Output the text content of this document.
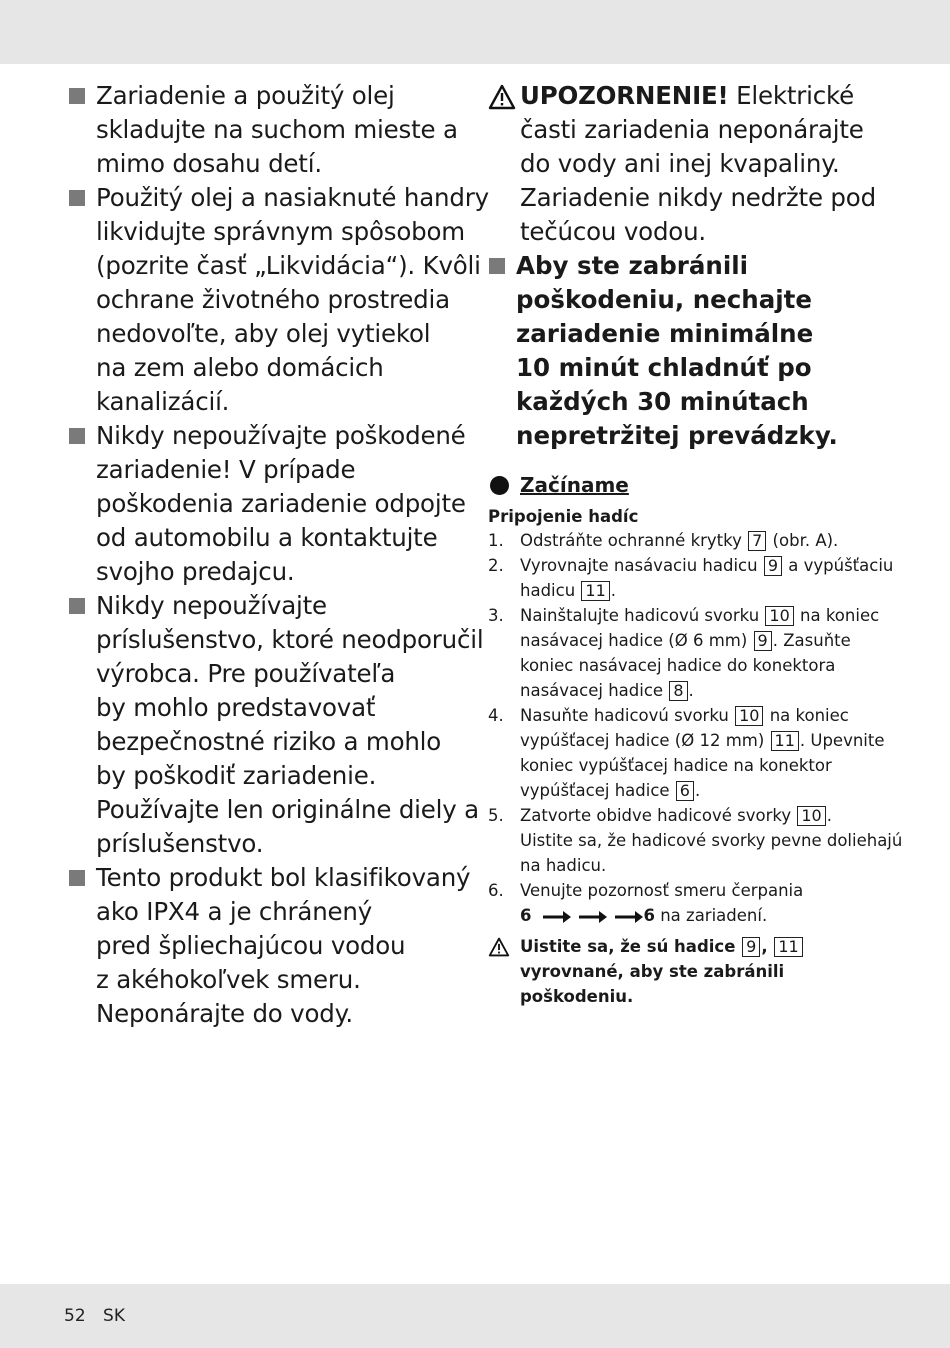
52 SK
Zariadenie a použitý olej
skladujte na suchom mieste a
mimo dosahu detí.
Použitý olej a nasiaknuté handry
likvidujte správnym spôsobom
(pozrite časť „Likvidácia“). Kvôli
ochrane životného prostredia
nedovoľte, aby olej vytiekol
na zem alebo domácich
kanalizácií.
Nikdy nepoužívajte poškodené
zariadenie! V prípade
poškodenia zariadenie odpojte
od automobilu a kontaktujte
svojho predajcu.
Nikdy nepoužívajte
príslušenstvo, ktoré neodporučil
výrobca. Pre používateľa
by mohlo predstavovať
bezpečnostné riziko a mohlo
by poškodiť zariadenie.
Používajte len originálne diely a
príslušenstvo.
Tento produkt bol klasifikovaný
ako IPX4 a je chránený
pred špliechajúcou vodou
z akéhokoľvek smeru.
Neponárajte do vody.
UPOZORNENIE! Elektrické
časti zariadenia neponárajte
do vody ani inej kvapaliny.
Zariadenie nikdy nedržte pod
tečúcou vodou.
Aby ste zabránili
poškodeniu, nechajte
zariadenie minimálne
10 minút chladnúť po
každých 30 minútach
nepretržitej prevádzky.
Začíname
Pripojenie hadíc
1. Odstráňte ochranné krytky 7 (obr. A).
2. Vyrovnajte nasávaciu hadicu 9 a vypúšťaciu
hadicu 11 .
3. Nainštalujte hadicovú svorku 10 na koniec
nasávacej hadice (Ø 6 mm) 9 . Zasuňte
koniec nasávacej hadice do konektora
nasávacej hadice 8 .
4. Nasuňte hadicovú svorku 10 na koniec
vypúšťacej hadice (Ø 12 mm) 11 . Upevnite
koniec vypúšťacej hadice na konektor
vypúšťacej hadice 6 .
5. Zatvorte obidve hadicové svorky 10 .
Uistite sa, že hadicové svorky pevne doliehajú
na hadicu.
6. Venujte pozornosť smeru čerpania
6	6 na zariadení.
Uistite sa, že sú hadice 9 , 11
vyrovnané, aby ste zabránili
poškodeniu.
